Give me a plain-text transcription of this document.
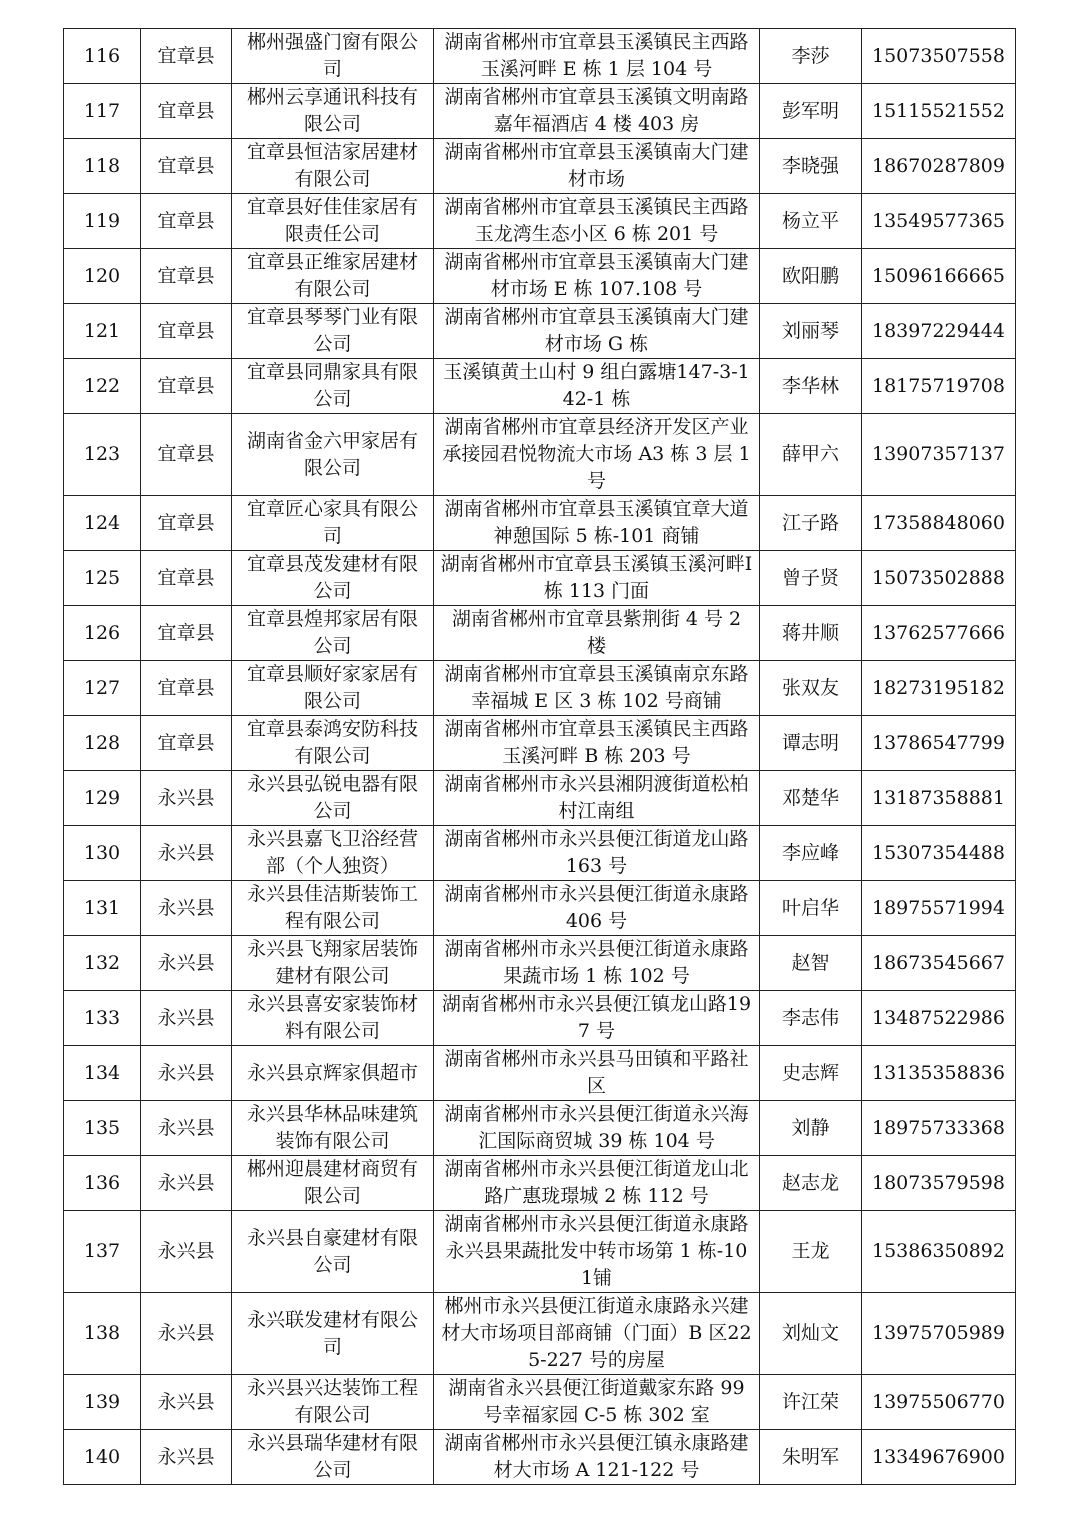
116	宜章县	郴州强盛门窗有限公司	湖南省郴州市宜章县玉溪镇民主西路玉溪河畔 E 栋 1 层 104 号	李莎	15073507558
117	宜章县	郴州云享通讯科技有限公司	湖南省郴州市宜章县玉溪镇文明南路嘉年福酒店 4 楼 403 房	彭军明	15115521552
118	宜章县	宜章县恒洁家居建材有限公司	湖南省郴州市宜章县玉溪镇南大门建材市场	李晓强	18670287809
119	宜章县	宜章县好佳佳家居有限责任公司	湖南省郴州市宜章县玉溪镇民主西路玉龙湾生态小区 6 栋 201 号	杨立平	13549577365
120	宜章县	宜章县正维家居建材有限公司	湖南省郴州市宜章县玉溪镇南大门建材市场 E 栋 107.108 号	欧阳鹏	15096166665
121	宜章县	宜章县琴琴门业有限公司	湖南省郴州市宜章县玉溪镇南大门建材市场 G 栋	刘丽琴	18397229444
122	宜章县	宜章县同鼎家具有限公司	玉溪镇黄土山村 9 组白露塘147-3-142-1 栋	李华林	18175719708
123	宜章县	湖南省金六甲家居有限公司	湖南省郴州市宜章县经济开发区产业承接园君悦物流大市场 A3 栋 3 层 1 号	薛甲六	13907357137
124	宜章县	宜章匠心家具有限公司	湖南省郴州市宜章县玉溪镇宜章大道神憩国际 5 栋-101 商铺	江子路	17358848060
125	宜章县	宜章县茂发建材有限公司	湖南省郴州市宜章县玉溪镇玉溪河畔I 栋 113 门面	曾子贤	15073502888
126	宜章县	宜章县煌邦家居有限公司	湖南省郴州市宜章县紫荆街 4 号 2 楼	蒋井顺	13762577666
127	宜章县	宜章县顺好家家居有限公司	湖南省郴州市宜章县玉溪镇南京东路幸福城 E 区 3 栋 102 号商铺	张双友	18273195182
128	宜章县	宜章县泰鸿安防科技有限公司	湖南省郴州市宜章县玉溪镇民主西路玉溪河畔 B 栋 203 号	谭志明	13786547799
129	永兴县	永兴县弘锐电器有限公司	湖南省郴州市永兴县湘阴渡街道松柏村江南组	邓楚华	13187358881
130	永兴县	永兴县嘉飞卫浴经营部（个人独资）	湖南省郴州市永兴县便江街道龙山路163 号	李应峰	15307354488
131	永兴县	永兴县佳洁斯装饰工程有限公司	湖南省郴州市永兴县便江街道永康路406 号	叶启华	18975571994
132	永兴县	永兴县飞翔家居装饰建材有限公司	湖南省郴州市永兴县便江街道永康路果蔬市场 1 栋 102 号	赵智	18673545667
133	永兴县	永兴县喜安家装饰材料有限公司	湖南省郴州市永兴县便江镇龙山路197 号	李志伟	13487522986
134	永兴县	永兴县京辉家俱超市	湖南省郴州市永兴县马田镇和平路社区	史志辉	13135358836
135	永兴县	永兴县华林品味建筑装饰有限公司	湖南省郴州市永兴县便江街道永兴海汇国际商贸城 39 栋 104 号	刘静	18975733368
136	永兴县	郴州迎晨建材商贸有限公司	湖南省郴州市永兴县便江街道龙山北路广惠珑璟城 2 栋 112 号	赵志龙	18073579598
137	永兴县	永兴县自豪建材有限公司	湖南省郴州市永兴县便江街道永康路永兴县果蔬批发中转市场第 1 栋-101铺	王龙	15386350892
138	永兴县	永兴联发建材有限公司	郴州市永兴县便江街道永康路永兴建材大市场项目部商铺（门面）B 区225-227 号的房屋	刘灿文	13975705989
139	永兴县	永兴县兴达装饰工程有限公司	湖南省永兴县便江街道戴家东路 99号幸福家园 C-5 栋 302 室	许江荣	13975506770
140	永兴县	永兴县瑞华建材有限公司	湖南省郴州市永兴县便江镇永康路建材大市场 A 121-122 号	朱明军	13349676900
